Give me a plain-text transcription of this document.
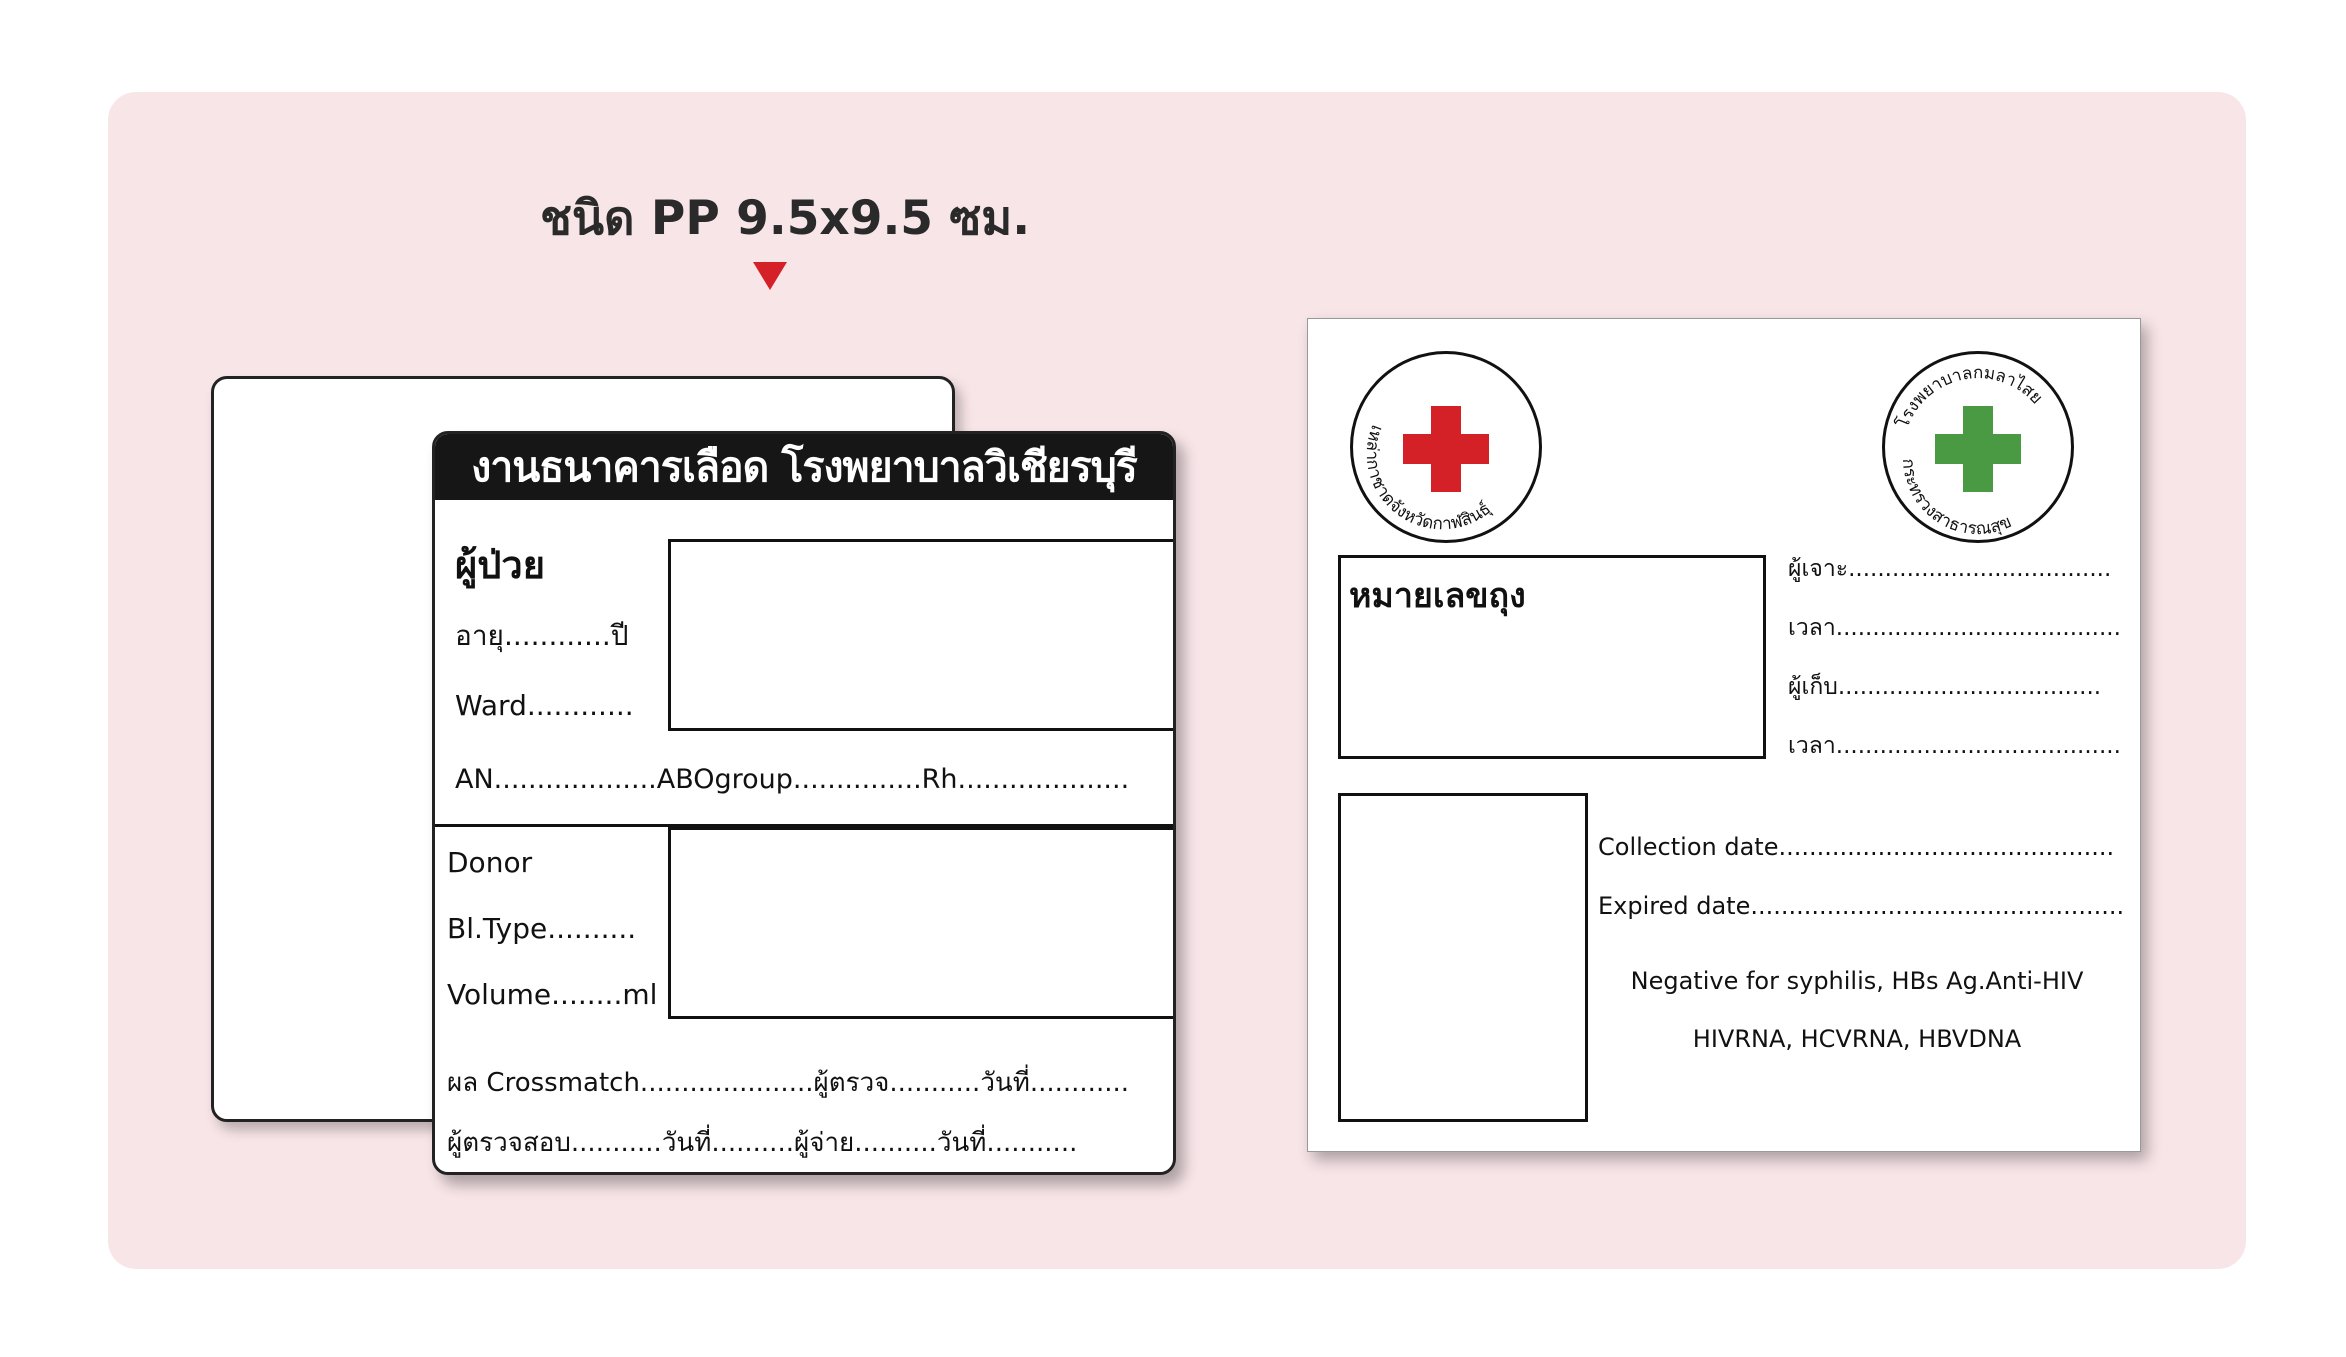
ชนิด PP 9.5x9.5 ซม.
งานธนาคารเลือด โรงพยาบาลวิเชียรบุรี
ผู้ป่วย
อายุ............ปี
Ward............
AN...................ABOgroup...............Rh....................
Donor
Bl.Type..........
Volume........ml
ผล Crossmatch.....................ผู้ตรวจ...........วันที่............
ผู้ตรวจสอบ...........วันที่..........ผู้จ่าย..........วันที่...........
เหล่ากาชาดจังหวัดกาฬสินธุ์
โรงพยาบาลกมลาไสย
กระทรวงสาธารณสุข
หมายเลขถุง
ผู้เจาะ....................................
เวลา.......................................
ผู้เก็บ....................................
เวลา.......................................
Collection date............................................
Expired date.................................................
Negative for syphilis, HBs Ag.Anti-HIV
HIVRNA, HCVRNA, HBVDNA
